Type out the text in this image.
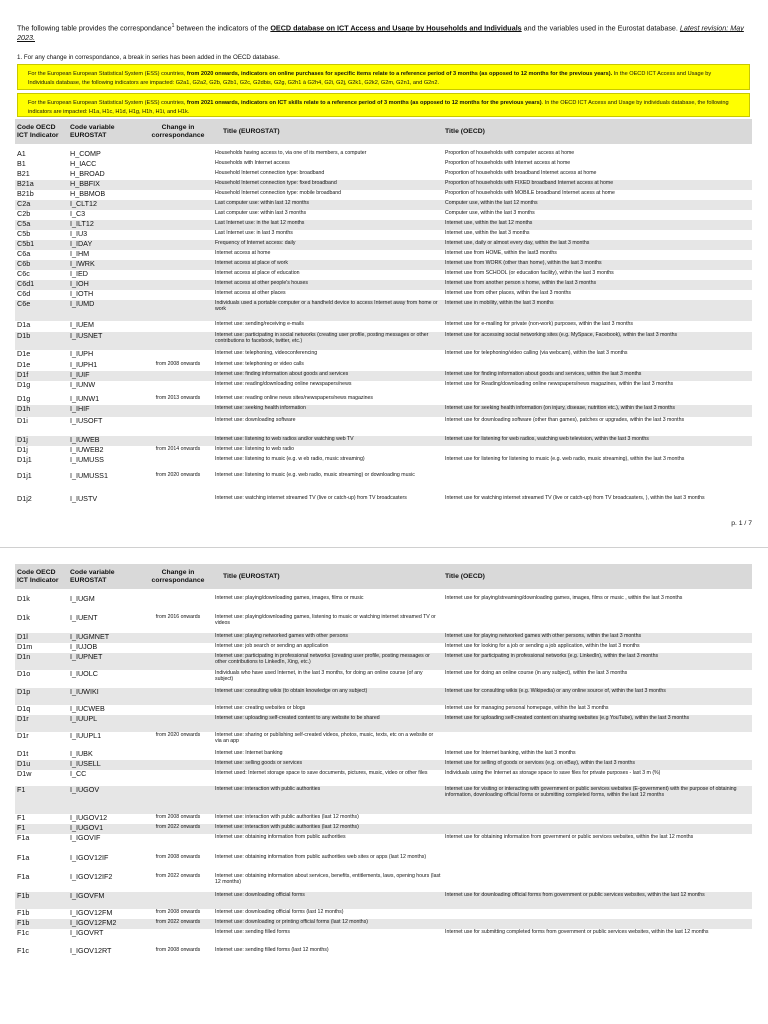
The following table provides the correspondance$^1$ between the indicators of the OECD database on ICT Access and Usage by Households and Individuals and the variables used in the Eurostat database. Latest revision: May 2023.
1. For any change in correspondance, a break in series has been added in the OECD database.
For the European European Statistical System (ESS) countries, from 2020 onwards, indicators on online purchases for specific items relate to a reference period of 3 months (as opposed to 12 months for the previous years). In the OECD ICT Access and Usage by Individuals database, the following indicators are impacted: G2a1, G2a2, G2b, G2b1, G2c, G2dbis, G2g, G2h1 à G2h4, G2i, G2j, G2k1, G2k2, G2m, G2n1, and G2n2.
For the European European Statistical System (ESS) countries, from 2021 onwards, indicators on ICT skills relate to a reference period of 3 months (as opposed to 12 months for the previous years). In the OECD ICT Access and Usage by individuals database, the following indicators are impacted: H1a, H1c, H1d, H1g, H1h, H1i, and H1k.
Code OECD ICT Indicator	Code variable EUROSTAT	Change in correspondance	Title (EUROSTAT)	Title (OECD)

A1	H_COMP		Households having access to, via one of its members, a computer	Proportion of households with computer access at home
B1	H_IACC		Households with Internet access	Proportion of households with Internet access at home
B21	H_BROAD		Household Internet connection type: broadband	Proportion of households with broadband Internet access at home
B21a	H_BBFIX		Household Internet connection type: fixed broadband	Proportion of households with FIXED broadband Internet access at home
B21b	H_BBMOB		Household Internet connection type: mobile broadband	Proportion of households with MOBILE broadband Internet acess at home
C2a	I_CLT12		Last computer use: within last 12 months	Computer use, within the last 12 months
C2b	I_C3		Last computer use: within last 3 months	Computer use, within the last 3 months
C5a	I_ILT12		Last Internet use: in the last 12 months	Internet use, within the last 12 months
C5b	I_IU3		Last Internet use: in last 3 months	Internet use, within the last 3 months
C5b1	I_IDAY		Frequency of Internet access: daily	Internet use, daily or almost every day, within the last 3 months
C6a	I_IHM		Internet access at home	Internet use from HOME, within the last3 months
C6b	I_IWRK		Internet access at place of work	Internet use from WORK (other than home), within the last 3 months
C6c	I_IED		Internet access at place of education	Internet use from SCHOOL (or education facility), within the last 3 months
C6d1	I_IOH		Internet access at other people's houses	Internet use from another person s home, within the last 3 months
C6d	I_IOTH		Internet access at other places	Internet use from other places, within the last 3 months
C6e	I_IUMD		Individuals used a portable computer or a handheld device to access Internet away from home or work	Internet use in mobility, within the last 3 months
D1a	I_IUEM		Internet use: sending/receiving e-mails	Internet use for e-mailing for private (non-work) purposes, within the last 3 months
D1b	I_IUSNET		Internet use: participating in social networks (creating user profile, posting messages or other contributions to facebook, twitter, etc.)	Internet use for accessing social networking sites (e.g. MySpace, Facebook), within the last 3 months
D1e	I_IUPH		Internet use: telephoning, videoconferencing	Internet use for telephoning/video calling (via webcam), within the last 3 months
D1e	I_IUPH1	from 2008 onwards	Internet use: telephoning or video calls	
D1f	I_IUIF		Internet use: finding information about goods and services	Internet use for finding information about goods and services, within the last 3 months
D1g	I_IUNW		Internet use: reading/downloading online newspapers/news	Internet use for Reading/downloading online newspapers/news magazines, within the last 3 months
D1g	I_IUNW1	from 2013 onwards	Internet use: reading online news sites/newspapers/news magazines	
D1h	I_IHIF		Internet use: seeking health information	Internet use for seeking health information (on injury, disease, nutrition etc.), within the last 3 months
D1i	I_IUSOFT		Internet use: downloading software	Internet use for downloading software (other than games), patches or upgrades, within the last 3 months
D1j	I_IUWEB		Internet use: listening to web radios and/or watching web TV	Internet use for listening for web radios, watching web television, within the last 3 months
D1j	I_IUWEB2	from 2014 onwards	Internet use: listening to web radio	
D1j1	I_IUMUSS		Internet use: listening to music (e.g. w eb radio, music streaming)	Internet use for listening for listening to music (e.g. web radio, music streaming), within the last 3 months
D1j1	I_IUMUSS1	from 2020 onwards	Internet use: listening to music (e.g. web radio, music streaming) or downloading music	
D1j2	I_IUSTV		Internet use: watching internet streamed TV (live or catch-up) from TV broadcasters	Internet use for watching internet streamed TV (live or catch-up) from TV broadcasters, ), within the last 3 months
p. 1 / 7
Code OECD ICT Indicator	Code variable EUROSTAT	Change in correspondance	Title (EUROSTAT)	Title (OECD)

D1k	I_IUGM		Internet use: playing/downloading games, images, films or music	Internet use for playing/streaming/downloading games, images, films or music , within the last 3 months
D1k	I_IUENT	from 2016 onwards	Internet use: playing/downloading games, listening to music or watching internet streamed TV or videos	
D1l	I_IUGMNET		Internet use: playing networked games with other persons	Internet use for playing networked games with other persons, within the last 3 months
D1m	I_IUJOB		Internet use: job search or sending an application	Internet use for looking for a job or sending a job application, within the last 3 months
D1n	I_IUPNET		Internet use: participating in professional networks (creating user profile, posting messages or other contributions to LinkedIn, Xing, etc.)	Internet use for participating in professional networks (e.g. LinkedIn), within the last 3 months
D1o	I_IUOLC		Individuals who have used Internet, in the last 3 months, for doing an online course (of any subject)	Internet use for doing an online course (in any subject), within the last 3 months
D1p	I_IUWIKI		Internet use: consulting wikis (to obtain knowledge on any subject)	Internet use for consulting wikis (e.g. Wikipedia) or any online source of, within the last 3 months
D1q	I_IUCWEB		Internet use: creating websites or blogs	Internet use for managing personal homepage, within the last 3 months
D1r	I_IUUPL		Internet use: uploading self-created content to any website to be shared	Internet use for uploading self-created content on sharing websites (e.g YouTube), within the last 3 months
D1r	I_IUUPL1	from 2020 onwards	Internet use: sharing or publishing self-created videos, photos, music, texts, etc on a website or via an app	
D1t	I_IUBK		Internet use: Internet banking	Internet use for Internet banking, within the last 3 months
D1u	I_IUSELL		Internet use: selling goods or services	Internet use for selling of goods or services (e.g. on eBay), within the last 3 months
D1w	I_CC		Internet used: Internet storage space to save documents, pictures, music, video or other files	Individuals using the Internet as storage space to save files for private purposes - last 3 m (%)
F1	I_IUGOV		Internet use: interaction with public authorities	Internet use for visiting or interacting with government or public services websites (E-government) with the purpose of obtaining information, downloading official forms or submitting completed forms, within the last 12 months
F1	I_IUGOV12	from 2008 onwards	Internet use: interaction with public authorities (last 12 months)	
F1	I_IUGOV1	from 2022 onwards	Internet use: interaction with public authorities (last 12 months)	
F1a	I_IGOVIF		Internet use: obtaining information from public authorities	Internet use for obtaining information from government or public services websites, within the last 12 months
F1a	I_IGOV12IF	from 2008 onwards	Internet use: obtaining information from public authorities web sites or apps (last 12 months)	
F1a	I_IGOV12IF2	from 2022 onwards	Internet use: obtaining information about services, benefits, entitlements, laws, opening hours (last 12 months)	
F1b	I_IGOVFM		Internet use: downloading official forms	Internet use for downloading official forms from government or public services websites, within the last 12 months
F1b	I_IGOV12FM	from 2008 onwards	Internet use: downloading official forms (last 12 months)	
F1b	I_IGOV12FM2	from 2022 onwards	Internet use: downloading or printing official forms (last 12 months)	
F1c	I_IGOVRT		Internet use: sending filled forms	Internet use for submitting completed forms from government or public services websites, within the last 12 months
F1c	I_IGOV12RT	from 2008 onwards	Internet use: sending filled forms (last 12 months)	
